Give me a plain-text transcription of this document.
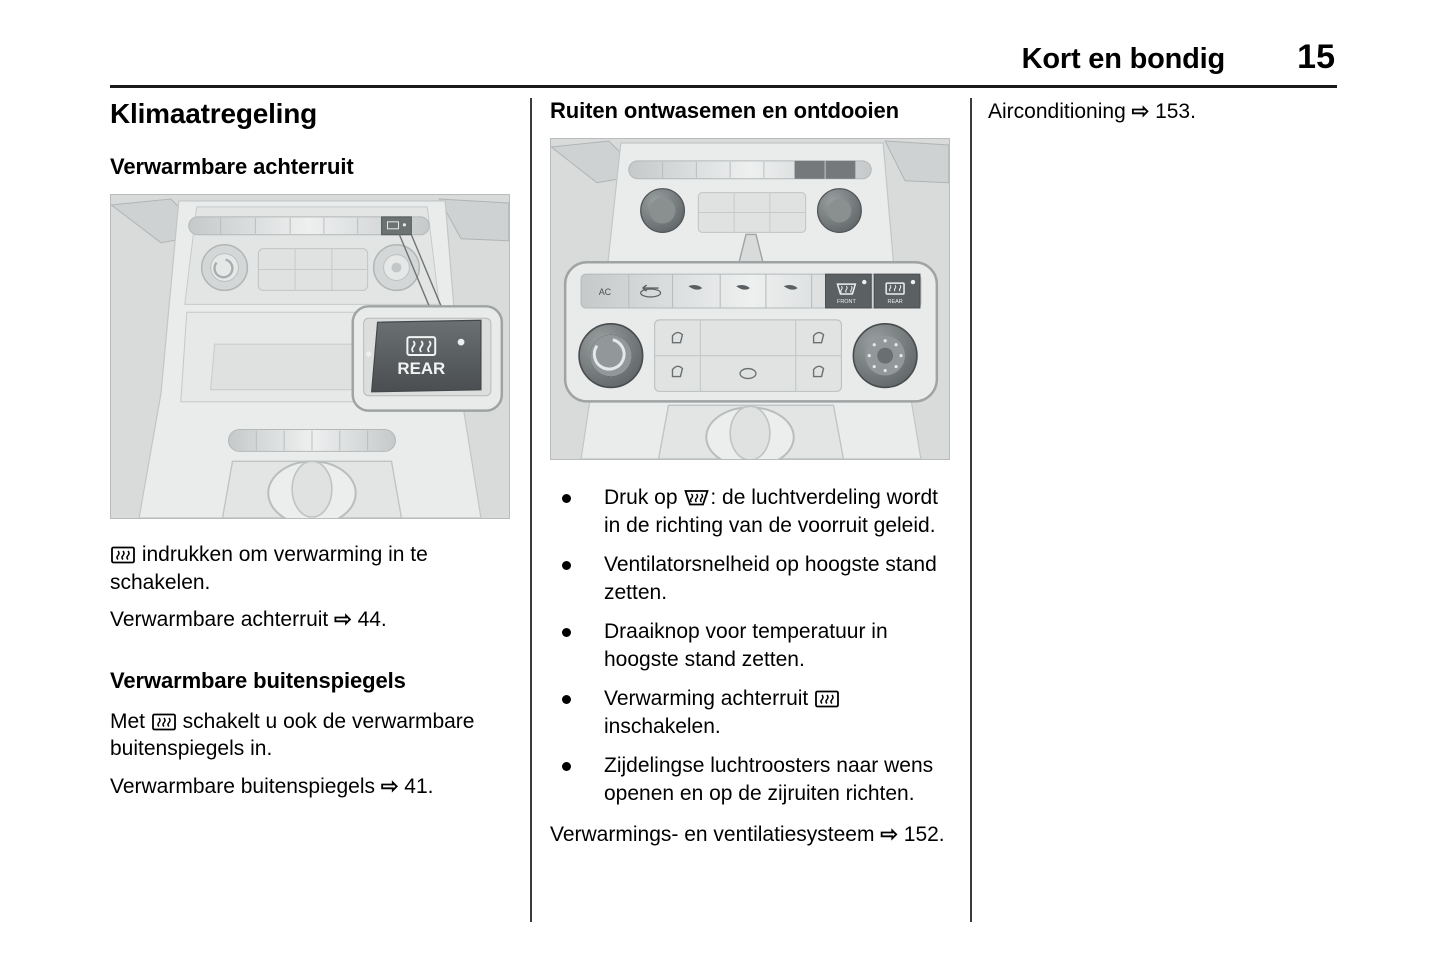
Kort en bondig 15
Klimaatregeling
Verwarmbare achterruit
REAR

indrukken om verwarming in te schakelen.

Verwarmbare achterruit ⇨ 44.

Verwarmbare buitenspiegels

Met
schakelt u ook de verwarmbare buitenspiegels in.

Verwarmbare buitenspiegels ⇨ 41.

Ruiten ontwasemen en ontdooien
AC
FRONT	REAR
Druk op
: de luchtverdeling wordt in de richting van de voorruit geleid.
Ventilatorsnelheid op hoogste stand zetten.
Draaiknop voor temperatuur in hoogste stand zetten.
Verwarming achterruit
inschakelen.
Zijdelingse luchtroosters naar wens openen en op de zijruiten richten.

Verwarmings- en ventilatiesysteem ⇨ 152.

Airconditioning ⇨ 153.
